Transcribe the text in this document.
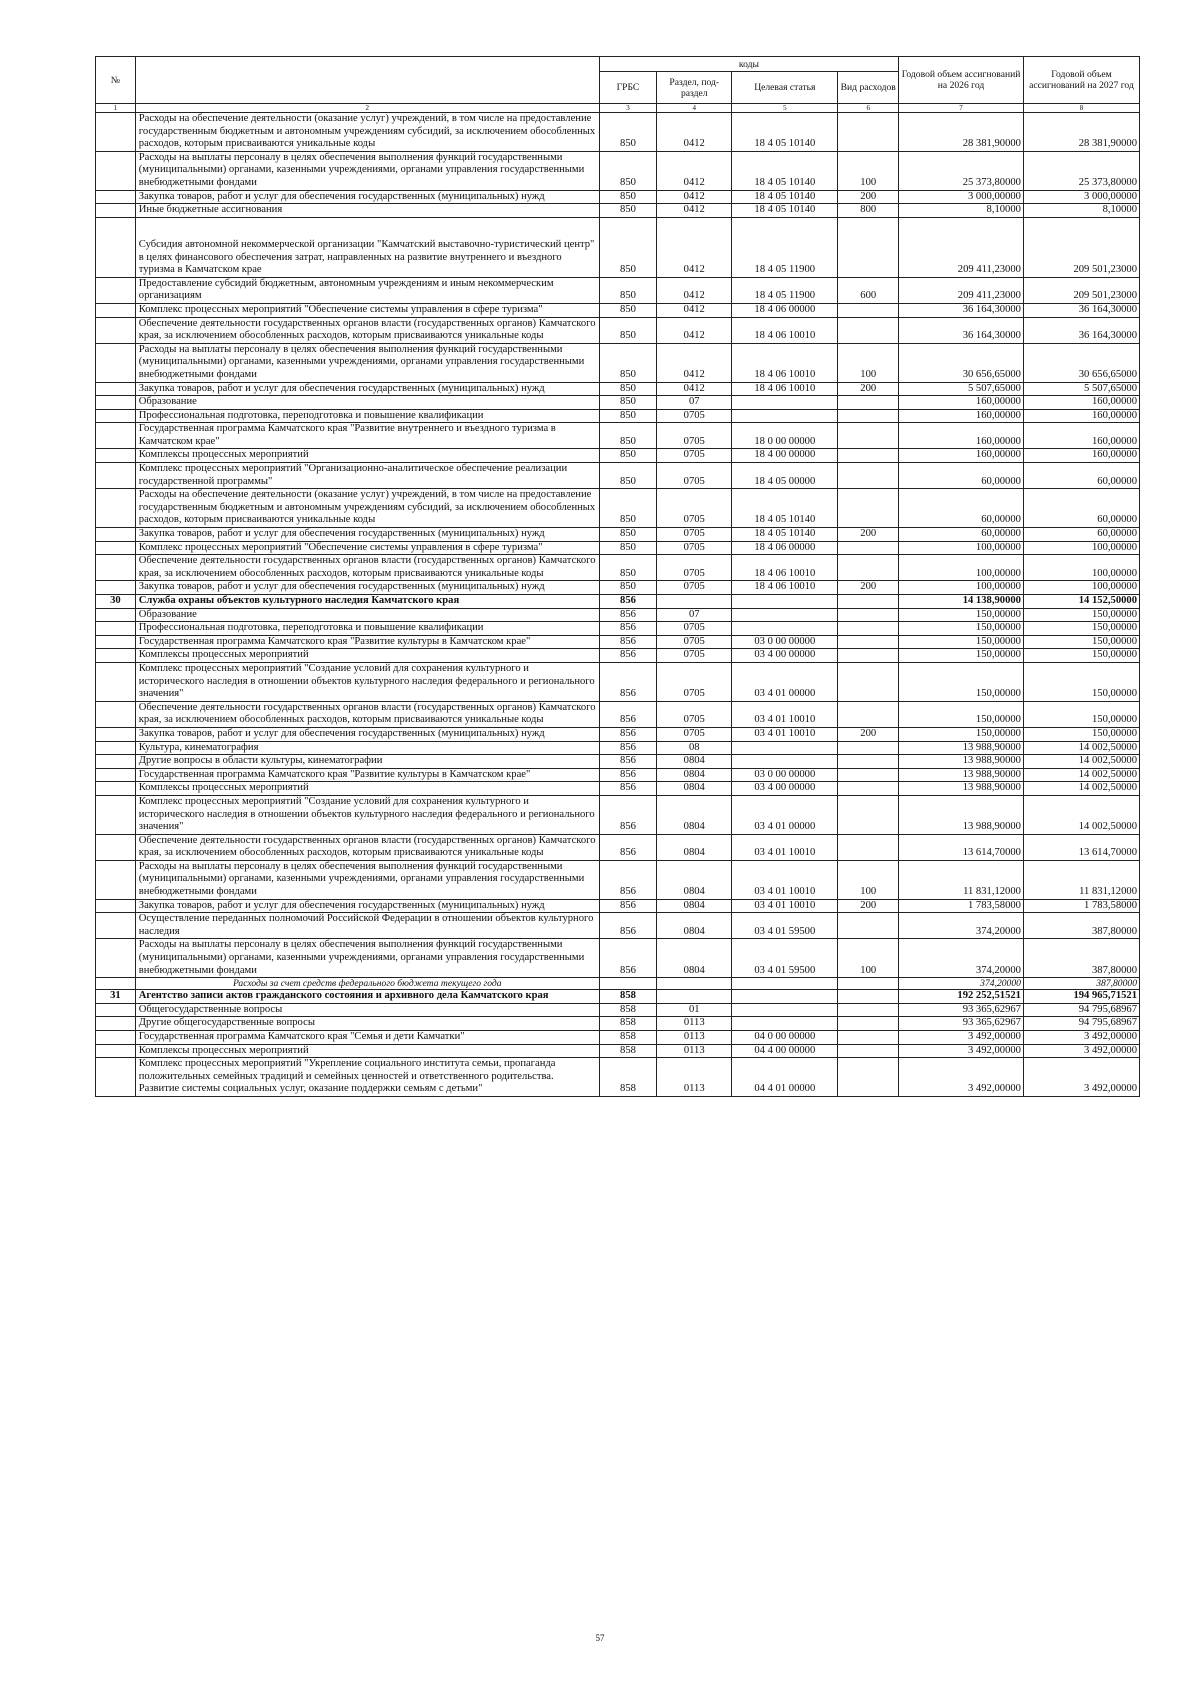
№		коды				Годовой объем ассигнований на 2026 год	Годовой объем ассигнований на 2027 год
		ГРБС	Раздел, под-раздел	Целевая статья	Вид расходов		
1	2	3	4	5	6	7	8
	Расходы на обеспечение деятельности (оказание услуг) учреждений, в том числе на предоставление государственным бюджетным и автономным учреждениям субсидий, за исключением обособленных расходов, которым присваиваются уникальные коды	850	0412	18 4 05 10140		28 381,90000	28 381,90000
	Расходы на выплаты персоналу в целях обеспечения выполнения функций государственными (муниципальными) органами, казенными учреждениями, органами управления государственными внебюджетными фондами	850	0412	18 4 05 10140	100	25 373,80000	25 373,80000
	Закупка товаров, работ и услуг для обеспечения государственных (муниципальных) нужд	850	0412	18 4 05 10140	200	3 000,00000	3 000,00000
	Иные бюджетные ассигнования	850	0412	18 4 05 10140	800	8,10000	8,10000
	Субсидия автономной некоммерческой организации "Камчатский выставочно-туристический центр" в целях финансового обеспечения затрат, направленных на развитие внутреннего и въездного туризма в Камчатском крае	850	0412	18 4 05 11900		209 411,23000	209 501,23000
	Предоставление субсидий бюджетным, автономным учреждениям и иным некоммерческим организациям	850	0412	18 4 05 11900	600	209 411,23000	209 501,23000
	Комплекс процессных мероприятий "Обеспечение системы управления в сфере туризма"	850	0412	18 4 06 00000		36 164,30000	36 164,30000
	Обеспечение деятельности государственных органов власти (государственных органов) Камчатского края, за исключением обособленных расходов, которым присваиваются уникальные коды	850	0412	18 4 06 10010		36 164,30000	36 164,30000
	Расходы на выплаты персоналу в целях обеспечения выполнения функций государственными (муниципальными) органами, казенными учреждениями, органами управления государственными внебюджетными фондами	850	0412	18 4 06 10010	100	30 656,65000	30 656,65000
	Закупка товаров, работ и услуг для обеспечения государственных (муниципальных) нужд	850	0412	18 4 06 10010	200	5 507,65000	5 507,65000
	Образование	850	07			160,00000	160,00000
	Профессиональная подготовка, переподготовка и повышение квалификации	850	0705			160,00000	160,00000
	Государственная программа Камчатского края "Развитие внутреннего и въездного туризма в Камчатском крае"	850	0705	18 0 00 00000		160,00000	160,00000
	Комплексы процессных мероприятий	850	0705	18 4 00 00000		160,00000	160,00000
	Комплекс процессных мероприятий "Организационно-аналитическое обеспечение реализации государственной программы"	850	0705	18 4 05 00000		60,00000	60,00000
	Расходы на обеспечение деятельности (оказание услуг) учреждений, в том числе на предоставление государственным бюджетным и автономным учреждениям субсидий, за исключением обособленных расходов, которым присваиваются уникальные коды	850	0705	18 4 05 10140		60,00000	60,00000
	Закупка товаров, работ и услуг для обеспечения государственных (муниципальных) нужд	850	0705	18 4 05 10140	200	60,00000	60,00000
	Комплекс процессных мероприятий "Обеспечение системы управления в сфере туризма"	850	0705	18 4 06 00000		100,00000	100,00000
	Обеспечение деятельности государственных органов власти (государственных органов) Камчатского края, за исключением обособленных расходов, которым присваиваются уникальные коды	850	0705	18 4 06 10010		100,00000	100,00000
	Закупка товаров, работ и услуг для обеспечения государственных (муниципальных) нужд	850	0705	18 4 06 10010	200	100,00000	100,00000
30	Служба охраны объектов культурного наследия Камчатского края	856				14 138,90000	14 152,50000
	Образование	856	07			150,00000	150,00000
	Профессиональная подготовка, переподготовка и повышение квалификации	856	0705			150,00000	150,00000
	Государственная программа Камчатского края "Развитие культуры в Камчатском крае"	856	0705	03 0 00 00000		150,00000	150,00000
	Комплексы процессных мероприятий	856	0705	03 4 00 00000		150,00000	150,00000
	Комплекс процессных мероприятий "Создание условий для сохранения культурного и исторического наследия в отношении объектов культурного наследия федерального и регионального значения"	856	0705	03 4 01 00000		150,00000	150,00000
	Обеспечение деятельности государственных органов власти (государственных органов) Камчатского края, за исключением обособленных расходов, которым присваиваются уникальные коды	856	0705	03 4 01 10010		150,00000	150,00000
	Закупка товаров, работ и услуг для обеспечения государственных (муниципальных) нужд	856	0705	03 4 01 10010	200	150,00000	150,00000
	Культура, кинематография	856	08			13 988,90000	14 002,50000
	Другие вопросы в области культуры, кинематографии	856	0804			13 988,90000	14 002,50000
	Государственная программа Камчатского края "Развитие культуры в Камчатском крае"	856	0804	03 0 00 00000		13 988,90000	14 002,50000
	Комплексы процессных мероприятий	856	0804	03 4 00 00000		13 988,90000	14 002,50000
	Комплекс процессных мероприятий "Создание условий для сохранения культурного и исторического наследия в отношении объектов культурного наследия федерального и регионального значения"	856	0804	03 4 01 00000		13 988,90000	14 002,50000
	Обеспечение деятельности государственных органов власти (государственных органов) Камчатского края, за исключением обособленных расходов, которым присваиваются уникальные коды	856	0804	03 4 01 10010		13 614,70000	13 614,70000
	Расходы на выплаты персоналу в целях обеспечения выполнения функций государственными (муниципальными) органами, казенными учреждениями, органами управления государственными внебюджетными фондами	856	0804	03 4 01 10010	100	11 831,12000	11 831,12000
	Закупка товаров, работ и услуг для обеспечения государственных (муниципальных) нужд	856	0804	03 4 01 10010	200	1 783,58000	1 783,58000
	Осуществление переданных полномочий Российской Федерации в отношении объектов культурного наследия	856	0804	03 4 01 59500		374,20000	387,80000
	Расходы на выплаты персоналу в целях обеспечения выполнения функций государственными (муниципальными) органами, казенными учреждениями, органами управления государственными внебюджетными фондами	856	0804	03 4 01 59500	100	374,20000	387,80000
	Расходы за счет средств федерального бюджета текущего года					374,20000	387,80000
31	Агентство записи актов гражданского состояния и архивного дела Камчатского края	858				192 252,51521	194 965,71521
	Общегосударственные вопросы	858	01			93 365,62967	94 795,68967
	Другие общегосударственные вопросы	858	0113			93 365,62967	94 795,68967
	Государственная программа Камчатского края "Семья и дети Камчатки"	858	0113	04 0 00 00000		3 492,00000	3 492,00000
	Комплексы процессных мероприятий	858	0113	04 4 00 00000		3 492,00000	3 492,00000
	Комплекс процессных мероприятий "Укрепление социального института семьи, пропаганда положительных семейных традиций и семейных ценностей и ответственного родительства. Развитие системы социальных услуг, оказание поддержки семьям с детьми"	858	0113	04 4 01 00000		3 492,00000	3 492,00000
57
